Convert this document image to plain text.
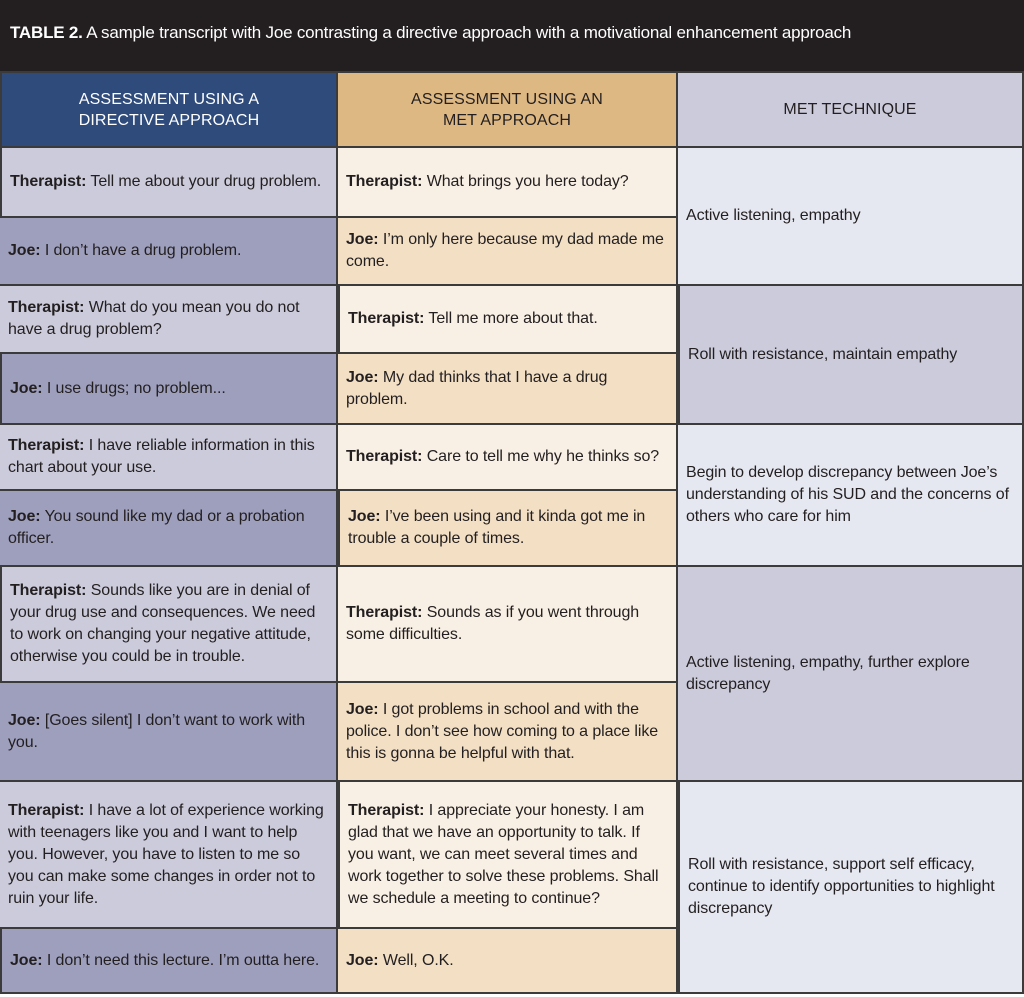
TABLE 2. A sample transcript with Joe contrasting a directive approach with a motivational enhancement approach
ASSESSMENT USING A DIRECTIVE APPROACH
ASSESSMENT USING AN MET APPROACH
MET TECHNIQUE
Therapist: Tell me about your drug problem.
Joe: I don’t have a drug problem.
Therapist: What do you mean you do not have a drug problem?
Joe: I use drugs; no problem...
Therapist: I have reliable information in this chart about your use.
Joe: You sound like my dad or a probation officer.
Therapist: Sounds like you are in denial of your drug use and consequences. We need to work on changing your negative attitude, otherwise you could be in trouble.
Joe: [Goes silent] I don’t want to work with you.
Therapist: I have a lot of experience working with teenagers like you and I want to help you. However, you have to listen to me so you can make some changes in order not to ruin your life.
Joe: I don’t need this lecture. I’m outta here.
Therapist: What brings you here today?
Joe: I’m only here because my dad made me come.
Therapist: Tell me more about that.
Joe: My dad thinks that I have a drug problem.
Therapist: Care to tell me why he thinks so?
Joe: I’ve been using and it kinda got me in trouble a couple of times.
Therapist: Sounds as if you went through some difficulties.
Joe: I got problems in school and with the police. I don’t see how coming to a place like this is gonna be helpful with that.
Therapist: I appreciate your honesty. I am glad that we have an opportunity to talk. If you want, we can meet several times and work together to solve these problems. Shall we schedule a meeting to continue?
Joe: Well, O.K.
Active listening, empathy
Roll with resistance, maintain empathy
Begin to develop discrepancy between Joe’s understanding of his SUD and the concerns of others who care for him
Active listening, empathy, further explore discrepancy
Roll with resistance, support self efficacy, continue to identify opportunities to highlight discrepancy
